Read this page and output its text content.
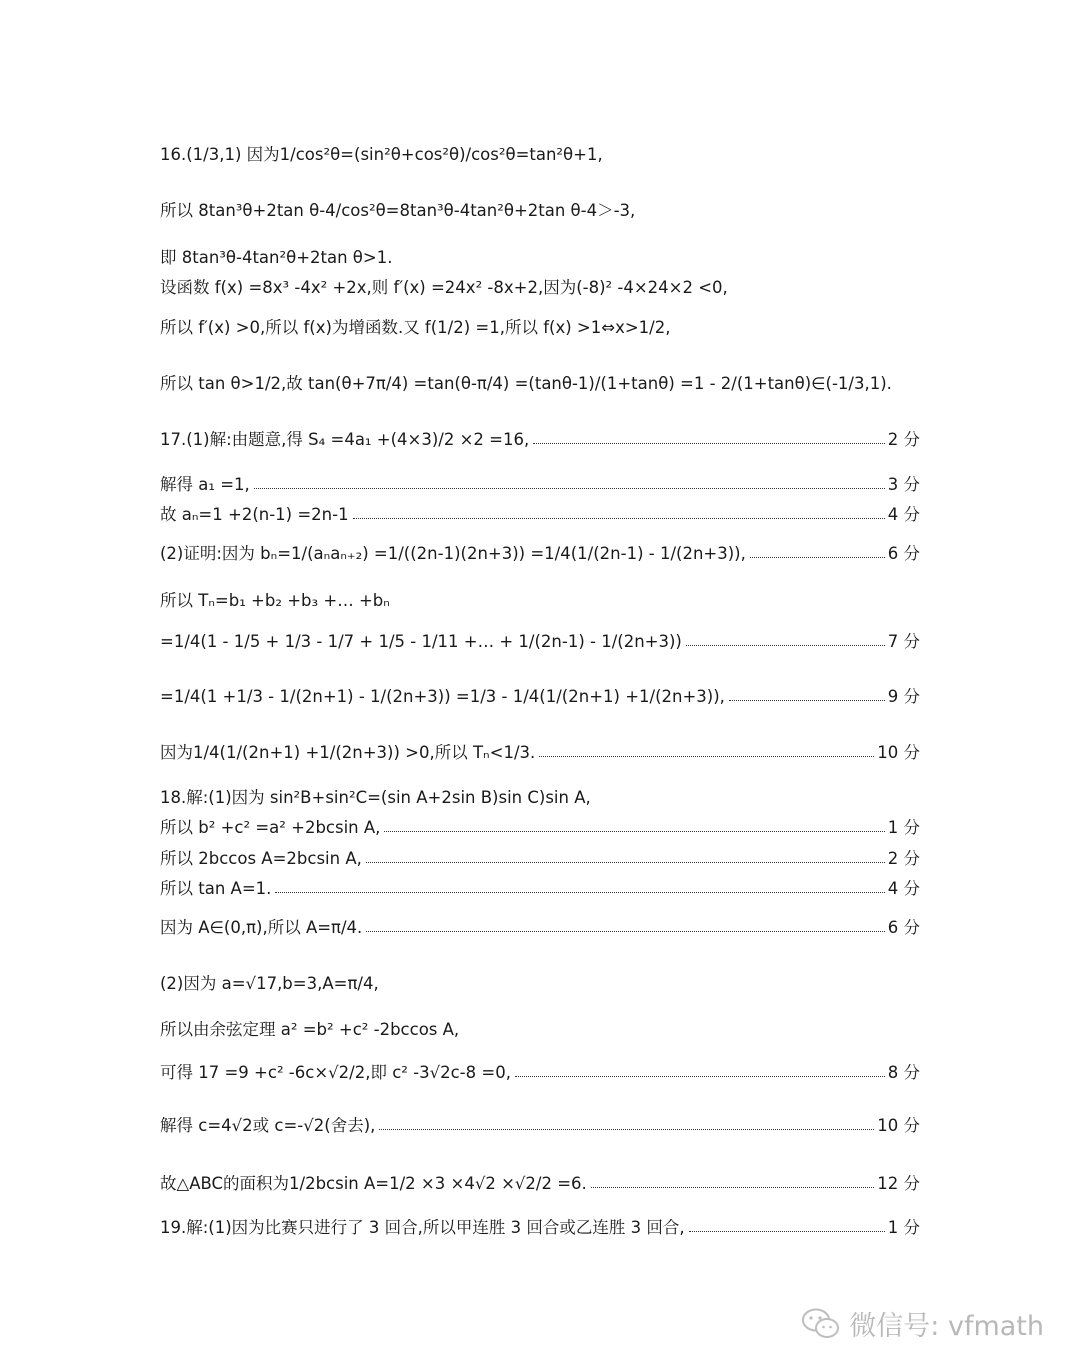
16.(1/3,1) 因为1/cos²θ=(sin²θ+cos²θ)/cos²θ=tan²θ+1,
所以 8tan³θ+2tan θ-4/cos²θ=8tan³θ-4tan²θ+2tan θ-4＞-3,
即 8tan³θ-4tan²θ+2tan θ>1.
设函数 f(x) =8x³ -4x² +2x,则 f′(x) =24x² -8x+2,因为(-8)² -4×24×2 <0,
所以 f′(x) >0,所以 f(x)为增函数.又 f(1/2) =1,所以 f(x) >1⇔x>1/2,
所以 tan θ>1/2,故 tan(θ+7π/4) =tan(θ-π/4) =(tanθ-1)/(1+tanθ) =1 - 2/(1+tanθ)∈(-1/3,1).
17.(1)解:由题意,得 S₄ =4a₁ +(4×3)/2 ×2 =16,	2 分
解得 a₁ =1,	3 分
故 aₙ=1 +2(n-1) =2n-1	4 分
(2)证明:因为 bₙ=1/(aₙaₙ₊₂) =1/((2n-1)(2n+3)) =1/4(1/(2n-1) - 1/(2n+3)),	6 分
所以 Tₙ=b₁ +b₂ +b₃ +… +bₙ
=1/4(1 - 1/5 + 1/3 - 1/7 + 1/5 - 1/11 +… + 1/(2n-1) - 1/(2n+3))	7 分
=1/4(1 +1/3 - 1/(2n+1) - 1/(2n+3)) =1/3 - 1/4(1/(2n+1) +1/(2n+3)),	9 分
因为1/4(1/(2n+1) +1/(2n+3)) >0,所以 Tₙ<1/3.	10 分
18.解:(1)因为 sin²B+sin²C=(sin A+2sin B)sin C)sin A,
所以 b² +c² =a² +2bcsin A,	1 分
所以 2bccos A=2bcsin A,	2 分
所以 tan A=1.	4 分
因为 A∈(0,π),所以 A=π/4.	6 分
(2)因为 a=√17,b=3,A=π/4,
所以由余弦定理 a² =b² +c² -2bccos A,
可得 17 =9 +c² -6c×√2/2,即 c² -3√2c-8 =0,	8 分
解得 c=4√2或 c=-√2(舍去),	10 分
故△ABC的面积为1/2bcsin A=1/2 ×3 ×4√2 ×√2/2 =6.	12 分
19.解:(1)因为比赛只进行了 3 回合,所以甲连胜 3 回合或乙连胜 3 回合,	1 分
微信号: vfmath
